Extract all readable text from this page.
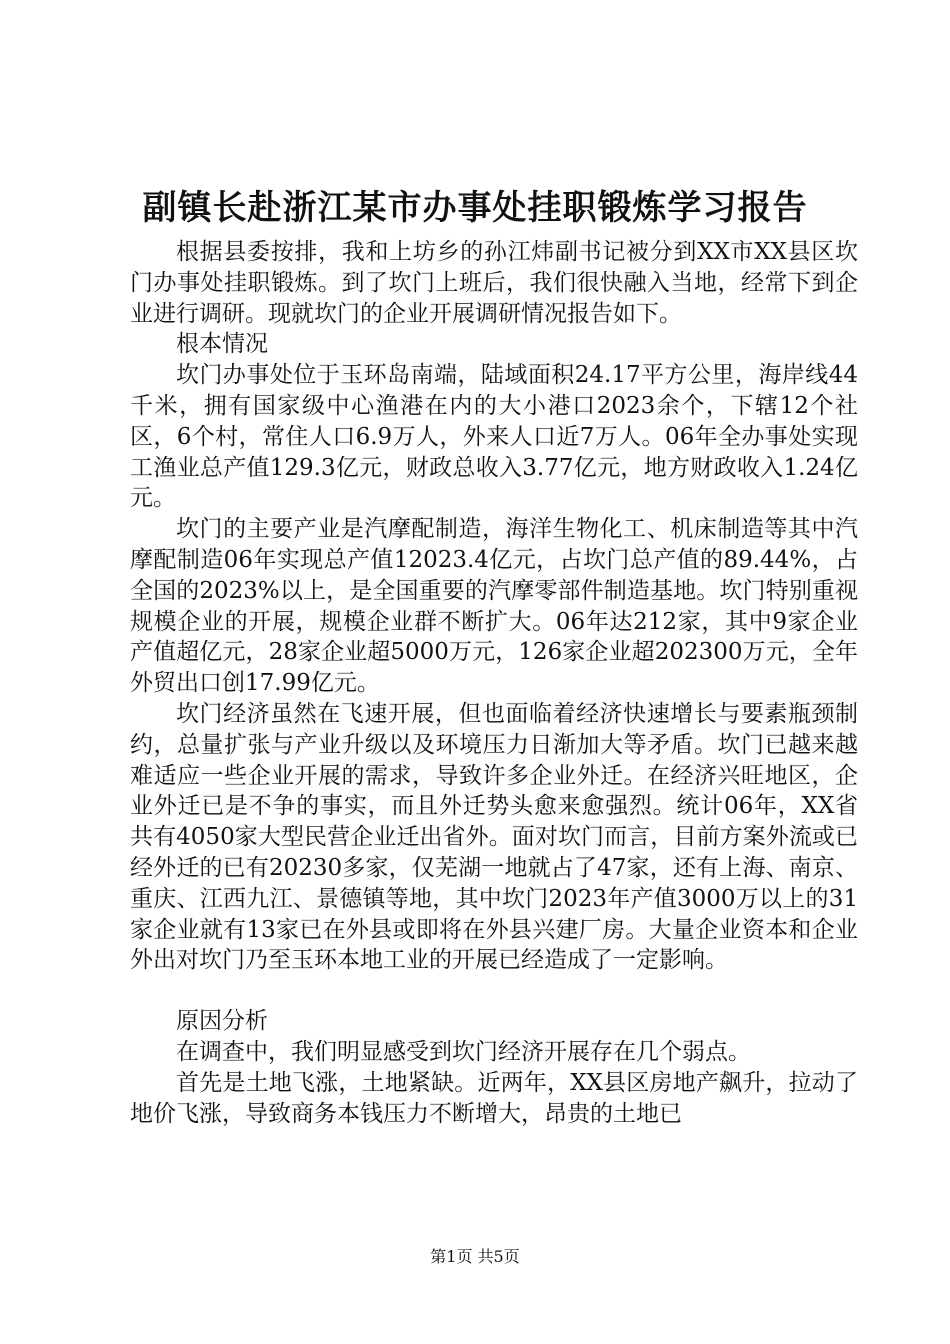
副镇长赴浙江某市办事处挂职锻炼学习报告

根据县委按排，我和上坊乡的孙江炜副书记被分到XX市XX县区坎门办事处挂职锻炼。到了坎门上班后，我们很快融入当地，经常下到企业进行调研。现就坎门的企业开展调研情况报告如下。

根本情况

坎门办事处位于玉环岛南端，陆域面积24.17平方公里，海岸线44千米，拥有国家级中心渔港在内的大小港口2023余个，下辖12个社区，6个村，常住人口6.9万人，外来人口近7万人。06年全办事处实现工渔业总产值129.3亿元，财政总收入3.77亿元，地方财政收入1.24亿元。

坎门的主要产业是汽摩配制造，海洋生物化工、机床制造等其中汽摩配制造06年实现总产值12023.4亿元，占坎门总产值的89.44%，占全国的2023%以上，是全国重要的汽摩零部件制造基地。坎门特别重视规模企业的开展，规模企业群不断扩大。06年达212家，其中9家企业产值超亿元，28家企业超5000万元，126家企业超202300万元，全年外贸出口创17.99亿元。

坎门经济虽然在飞速开展，但也面临着经济快速增长与要素瓶颈制约，总量扩张与产业升级以及环境压力日渐加大等矛盾。坎门已越来越难适应一些企业开展的需求，导致许多企业外迁。在经济兴旺地区，企业外迁已是不争的事实，而且外迁势头愈来愈强烈。统计06年，XX省共有4050家大型民营企业迁出省外。面对坎门而言，目前方案外流或已经外迁的已有20230多家，仅芜湖一地就占了47家，还有上海、南京、重庆、江西九江、景德镇等地，其中坎门2023年产值3000万以上的31家企业就有13家已在外县或即将在外县兴建厂房。大量企业资本和企业外出对坎门乃至玉环本地工业的开展已经造成了一定影响。

原因分析

在调查中，我们明显感受到坎门经济开展存在几个弱点。

首先是土地飞涨，土地紧缺。近两年，XX县区房地产飙升，拉动了地价飞涨，导致商务本钱压力不断增大，昂贵的土地已

第1页 共5页
